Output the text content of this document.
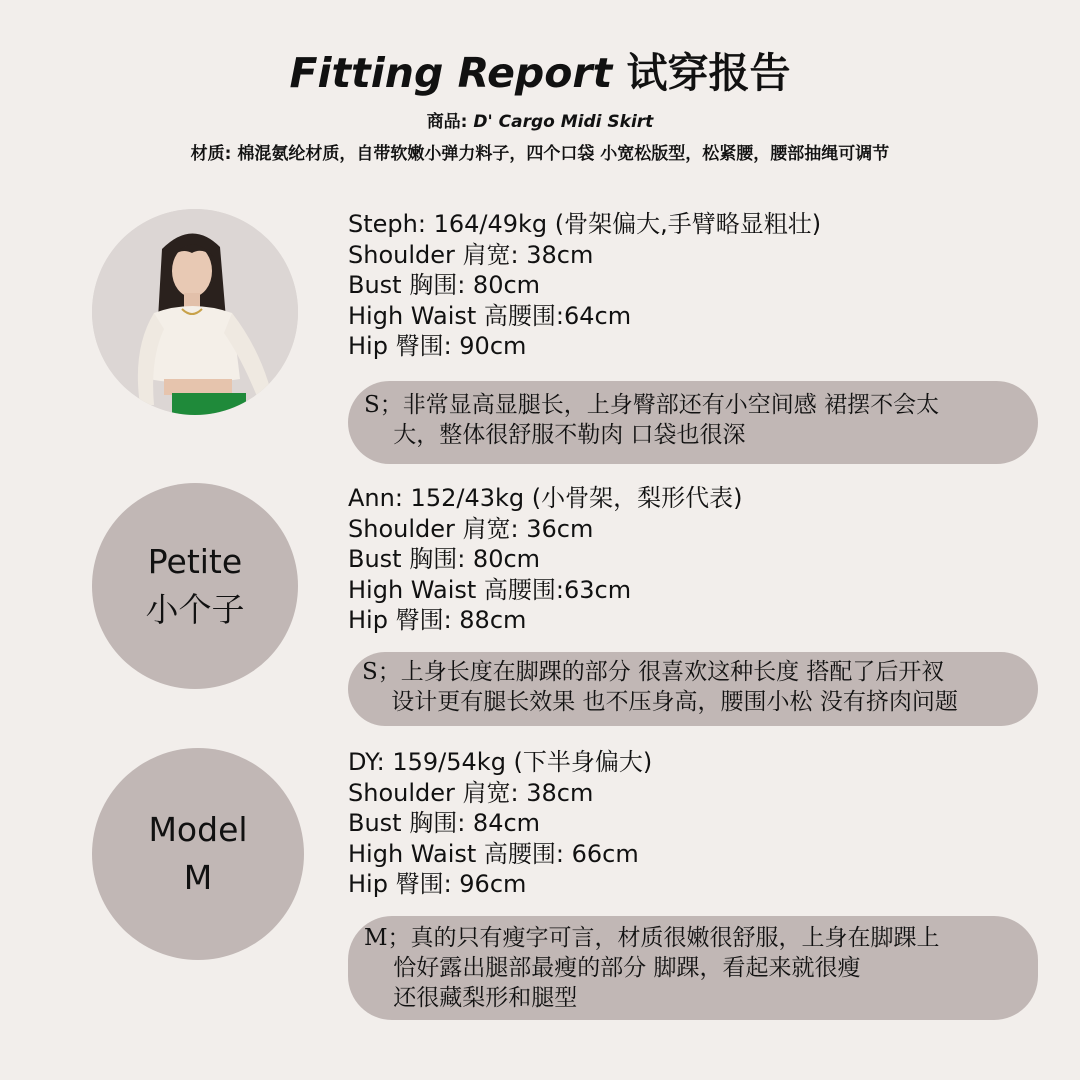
Fitting Report 试穿报告
商品: D' Cargo Midi Skirt
材质: 棉混氨纶材质，自带软嫩小弹力料子，四个口袋 小宽松版型，松紧腰，腰部抽绳可调节
Steph: 164/49kg (骨架偏大,手臂略显粗壮)
Shoulder 肩宽: 38cm
Bust 胸围: 80cm
High Waist 高腰围:64cm
Hip 臀围: 90cm
S；非常显高显腿长，上身臀部还有小空间感 裙摆不会太
大，整体很舒服不勒肉 口袋也很深
Petite
小个子
Ann: 152/43kg (小骨架，梨形代表)
Shoulder 肩宽: 36cm
Bust 胸围: 80cm
High Waist 高腰围:63cm
Hip 臀围: 88cm
S；上身长度在脚踝的部分 很喜欢这种长度 搭配了后开衩
设计更有腿长效果 也不压身高，腰围小松 没有挤肉问题
Model
M
DY: 159/54kg (下半身偏大)
Shoulder 肩宽: 38cm
Bust 胸围: 84cm
High Waist 高腰围: 66cm
Hip 臀围: 96cm
M；真的只有瘦字可言，材质很嫩很舒服，上身在脚踝上
恰好露出腿部最瘦的部分 脚踝，看起来就很瘦
还很藏梨形和腿型
